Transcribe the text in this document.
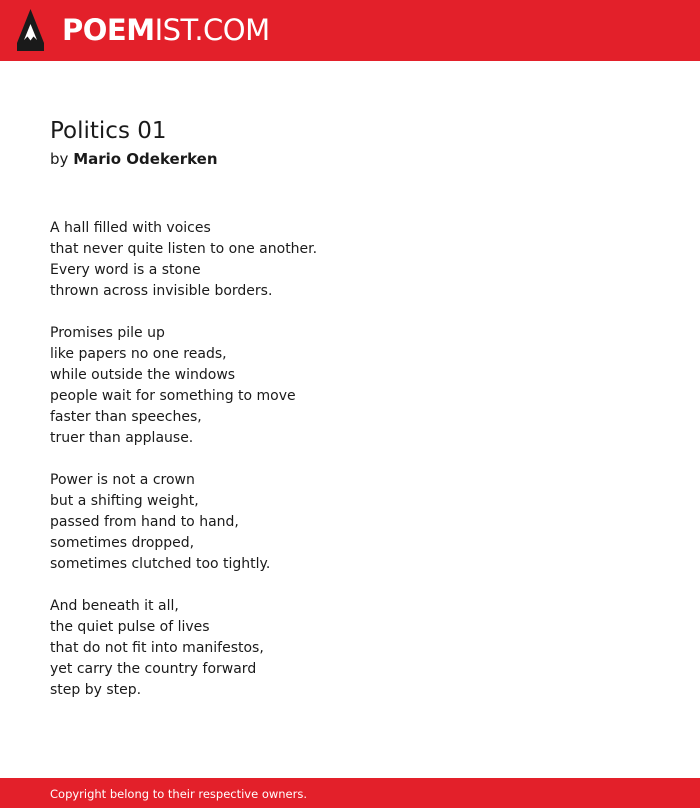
POEMIST.COM
Politics 01
by Mario Odekerken
A hall filled with voices
that never quite listen to one another.
Every word is a stone
thrown across invisible borders.
Promises pile up
like papers no one reads,
while outside the windows
people wait for something to move
faster than speeches,
truer than applause.
Power is not a crown
but a shifting weight,
passed from hand to hand,
sometimes dropped,
sometimes clutched too tightly.
And beneath it all,
the quiet pulse of lives
that do not fit into manifestos,
yet carry the country forward
step by step.
Copyright belong to their respective owners.
